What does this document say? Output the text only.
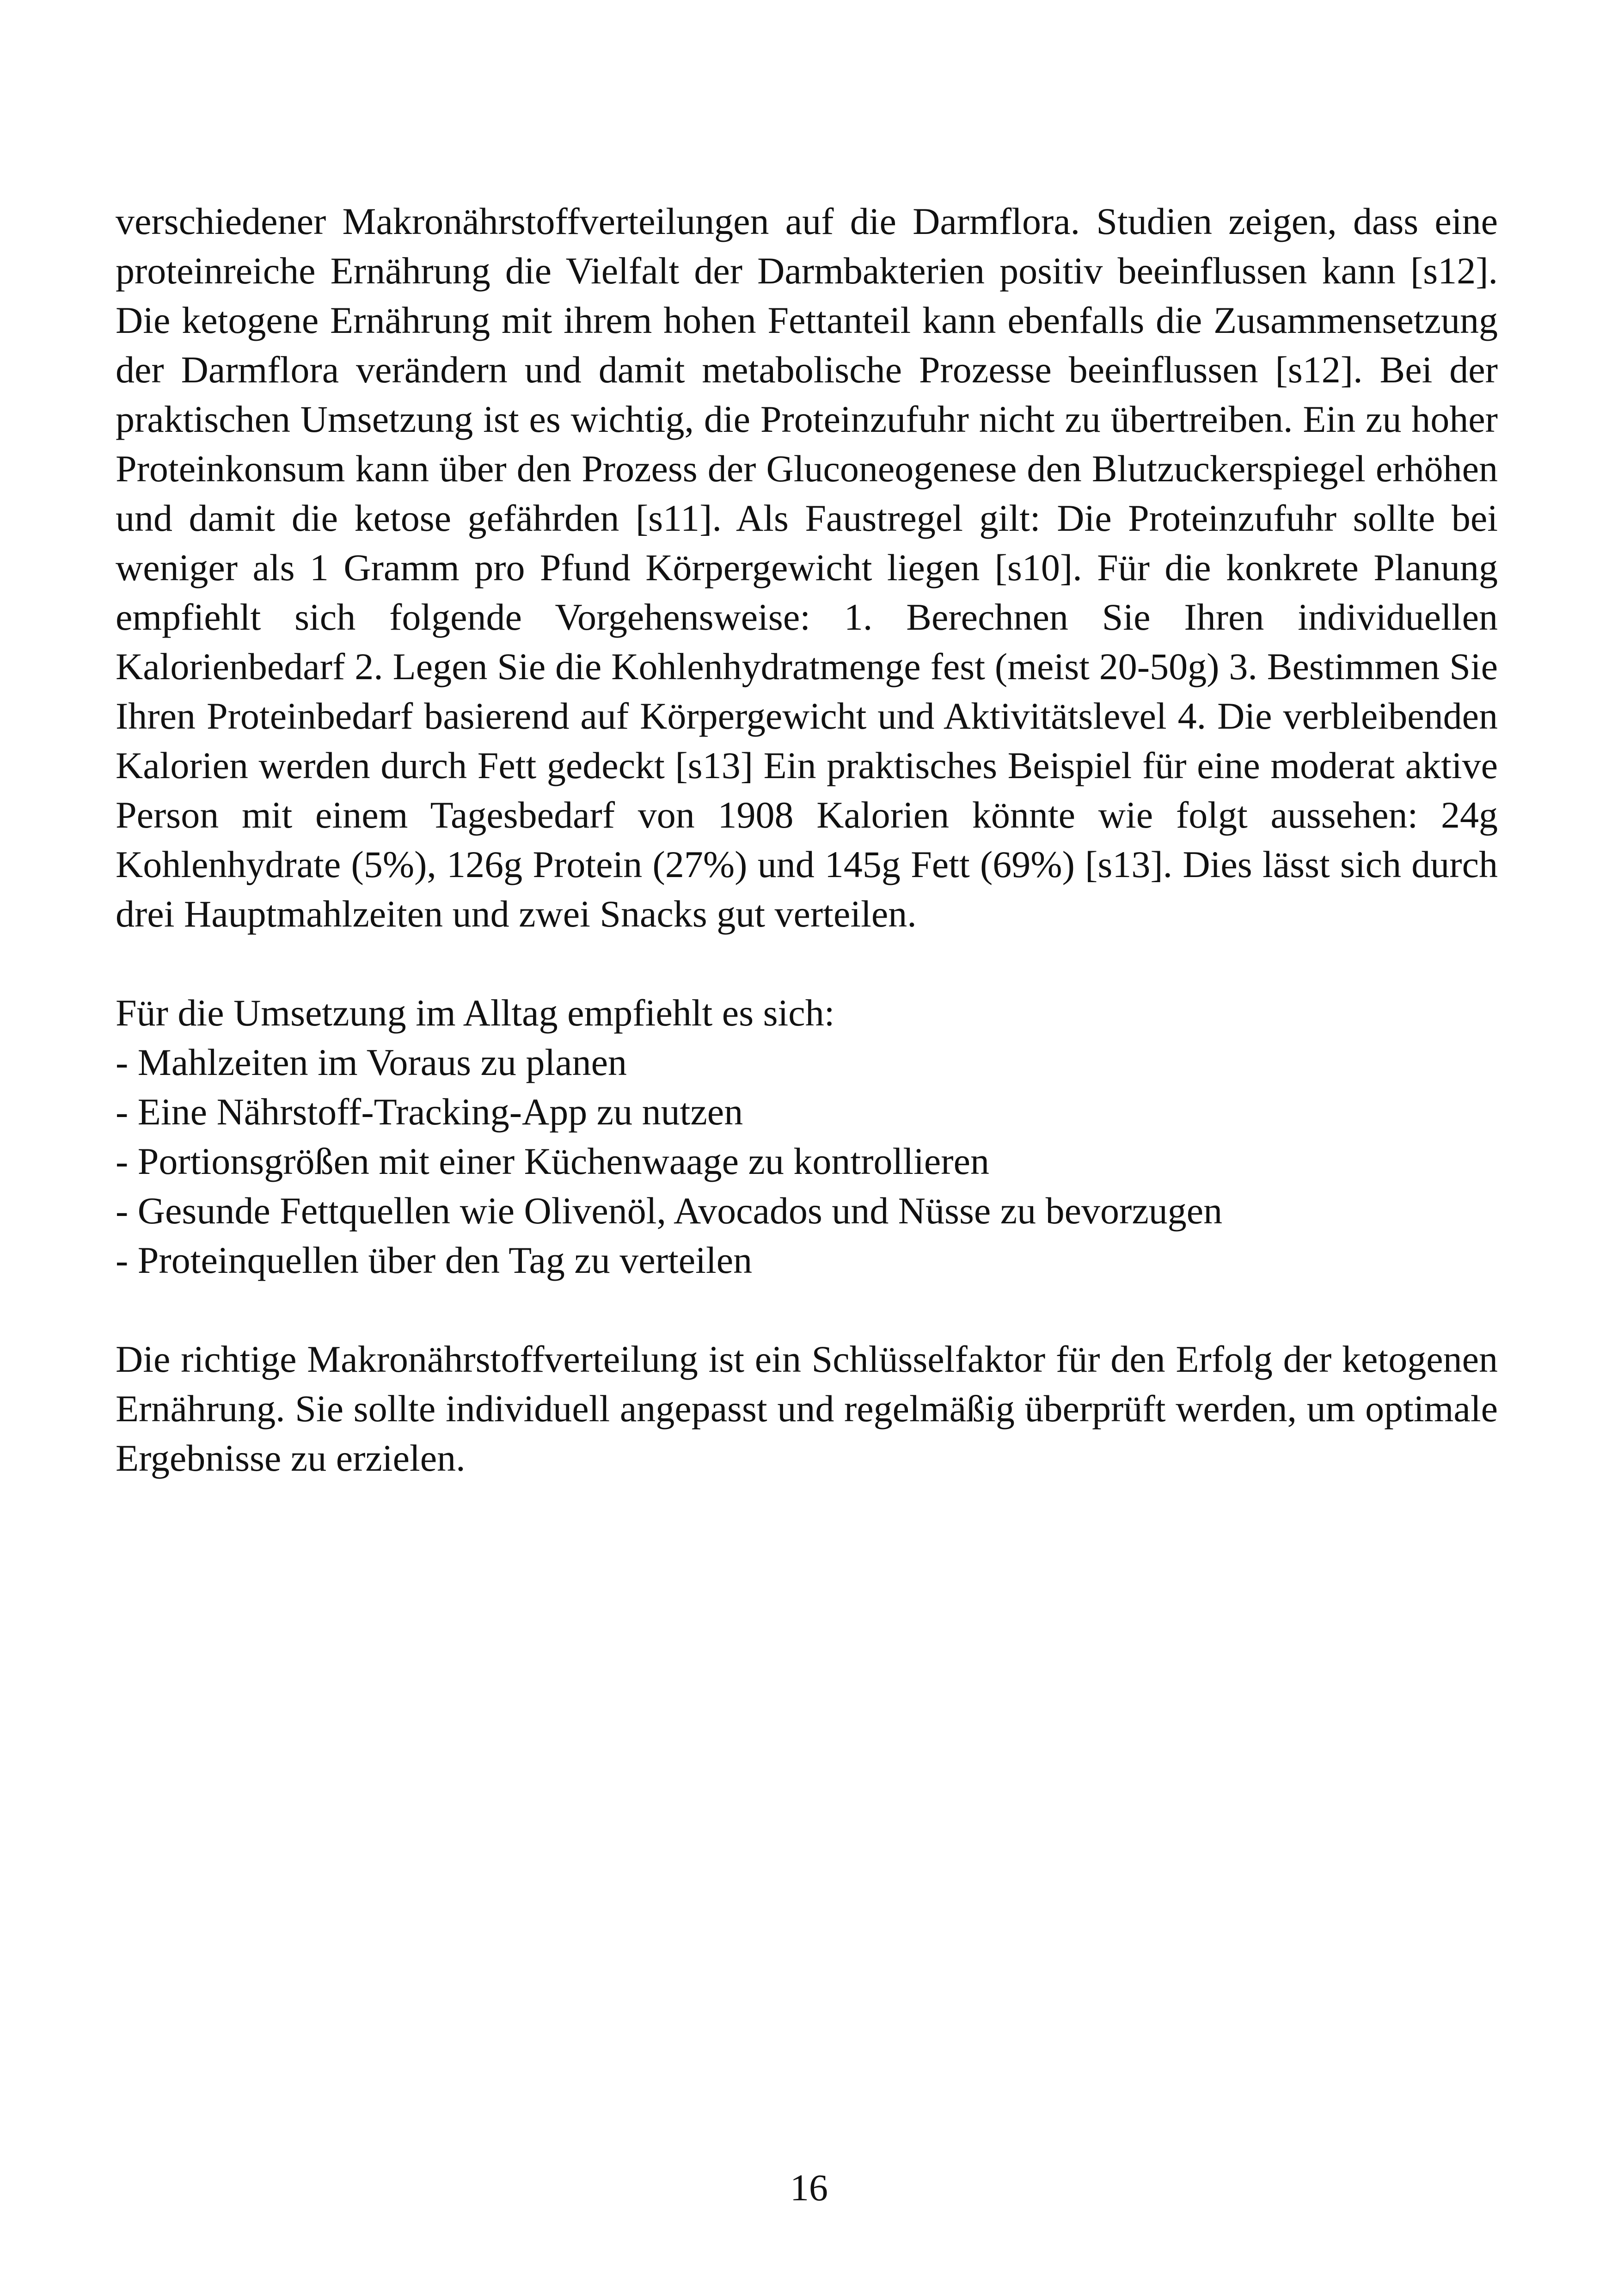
verschiedener Makronährstoffverteilungen auf die Darmflora. Studien zeigen, dass eine proteinreiche Ernährung die Vielfalt der Darmbakterien positiv beeinflussen kann [s12]. Die ketogene Ernährung mit ihrem hohen Fettanteil kann ebenfalls die Zusammensetzung der Darmflora verändern und damit metabolische Prozesse beeinflussen [s12]. Bei der praktischen Umsetzung ist es wichtig, die Proteinzufuhr nicht zu übertreiben. Ein zu hoher Proteinkonsum kann über den Prozess der Gluconeogenese den Blutzuckerspiegel erhöhen und damit die ketose gefährden [s11]. Als Faustregel gilt: Die Proteinzufuhr sollte bei weniger als 1 Gramm pro Pfund Körpergewicht liegen [s10]. Für die konkrete Planung empfiehlt sich folgende Vorgehensweise: 1. Berechnen Sie Ihren individuellen Kalorienbedarf 2. Legen Sie die Kohlenhydratmenge fest (meist 20-50g) 3. Bestimmen Sie Ihren Proteinbedarf basierend auf Körpergewicht und Aktivitätslevel 4. Die verbleibenden Kalorien werden durch Fett gedeckt [s13] Ein praktisches Beispiel für eine moderat aktive Person mit einem Tagesbedarf von 1908 Kalorien könnte wie folgt aussehen: 24g Kohlenhydrate (5%), 126g Protein (27%) und 145g Fett (69%) [s13]. Dies lässt sich durch drei Hauptmahlzeiten und zwei Snacks gut verteilen.

Für die Umsetzung im Alltag empfiehlt es sich:

- Mahlzeiten im Voraus zu planen
- Eine Nährstoff-Tracking-App zu nutzen
- Portionsgrößen mit einer Küchenwaage zu kontrollieren
- Gesunde Fettquellen wie Olivenöl, Avocados und Nüsse zu bevorzugen
- Proteinquellen über den Tag zu verteilen

Die richtige Makronährstoffverteilung ist ein Schlüsselfaktor für den Erfolg der ketogenen Ernährung. Sie sollte individuell angepasst und regelmäßig überprüft werden, um optimale Ergebnisse zu erzielen.

16
